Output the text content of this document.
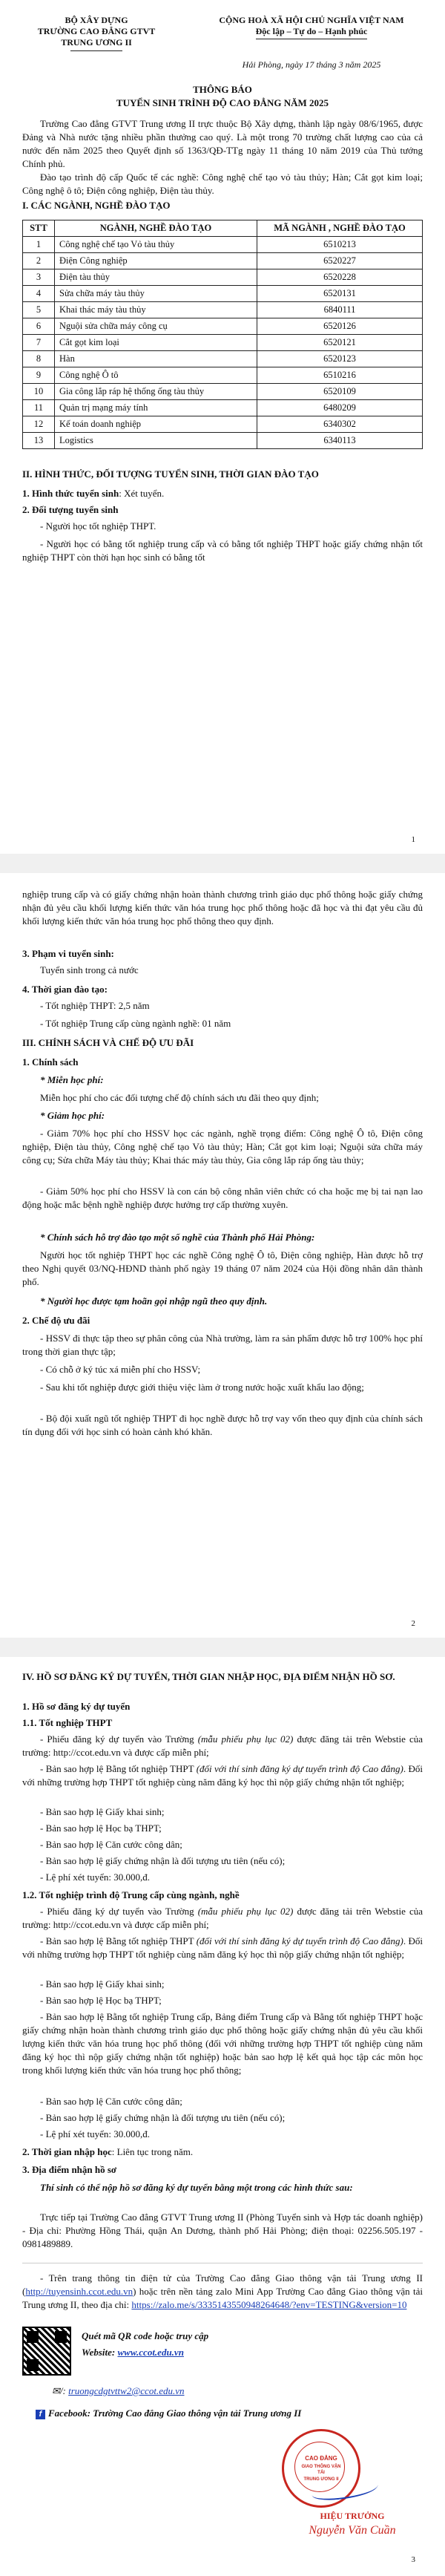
BỘ XÂY DỰNG

TRƯỜNG CAO ĐẲNG GTVT

TRUNG ƯƠNG II

CỘNG HOÀ XÃ HỘI CHỦ NGHĨA VIỆT NAM

Độc lập – Tự do – Hạnh phúc

Hải Phòng, ngày 17 tháng 3 năm 2025

THÔNG BÁO

TUYỂN SINH TRÌNH ĐỘ CAO ĐẲNG NĂM 2025

Trường Cao đẳng GTVT Trung ương II trực thuộc Bộ Xây dựng, thành lập ngày 08/6/1965, được Đảng và Nhà nước tặng nhiều phần thưởng cao quý. Là một trong 70 trường chất lượng cao của cả nước đến năm 2025 theo Quyết định số 1363/QĐ-TTg ngày 11 tháng 10 năm 2019 của Thủ tướng Chính phủ.

Đào tạo trình độ cấp Quốc tế các nghề: Công nghệ chế tạo vỏ tàu thủy; Hàn; Cắt gọt kim loại; Công nghệ ô tô; Điện công nghiệp, Điện tàu thủy.

I. CÁC NGÀNH, NGHỀ ĐÀO TẠO

STT	NGÀNH, NGHỀ ĐÀO TẠO	MÃ NGÀNH , NGHỀ ĐÀO TẠO
1	Công nghệ chế tạo Vỏ tàu thủy	6510213
2	Điện Công nghiệp	6520227
3	Điện tàu thủy	6520228
4	Sửa chữa máy tàu thủy	6520131
5	Khai thác máy tàu thủy	6840111
6	Nguội sửa chữa máy công cụ	6520126
7	Cắt gọt kim loại	6520121
8	Hàn	6520123
9	Công nghệ Ô tô	6510216
10	Gia công lắp ráp hệ thống ống tàu thủy	6520109
11	Quản trị mạng máy tính	6480209
12	Kế toán doanh nghiệp	6340302
13	Logistics	6340113

II. HÌNH THỨC, ĐỐI TƯỢNG TUYỂN SINH, THỜI GIAN ĐÀO TẠO

1. Hình thức tuyển sinh: Xét tuyển.

2. Đối tượng tuyển sinh

- Người học tốt nghiệp THPT.

- Người học có bằng tốt nghiệp trung cấp và có bằng tốt nghiệp THPT hoặc giấy chứng nhận tốt nghiệp THPT còn thời hạn học sinh có bằng tốt

1

nghiệp trung cấp và có giấy chứng nhận hoàn thành chương trình giáo dục phổ thông hoặc giấy chứng nhận đủ yêu cầu khối lượng kiến thức văn hóa trung học phổ thông hoặc đã học và thi đạt yêu cầu đủ khối lượng kiến thức văn hóa trung học phổ thông theo quy định.

3. Phạm vi tuyển sinh:

Tuyển sinh trong cả nước

4. Thời gian đào tạo:

- Tốt nghiệp THPT: 2,5 năm

- Tốt nghiệp Trung cấp cùng ngành nghề: 01 năm

III. CHÍNH SÁCH VÀ CHẾ ĐỘ ƯU ĐÃI

1. Chính sách

* Miễn học phí:

Miễn học phí cho các đối tượng chế độ chính sách ưu đãi theo quy định;

* Giảm học phí:

- Giảm 70% học phí cho HSSV học các ngành, nghề trọng điểm: Công nghệ Ô tô, Điện công nghiệp, Điện tàu thủy, Công nghệ chế tạo Vỏ tàu thủy; Hàn; Cắt gọt kim loại; Nguội sửa chữa máy công cụ; Sửa chữa Máy tàu thủy; Khai thác máy tàu thủy, Gia công lắp ráp ống tàu thủy;

- Giảm 50% học phí cho HSSV là con cán bộ công nhân viên chức có cha hoặc mẹ bị tai nạn lao động hoặc mắc bệnh nghề nghiệp được hưởng trợ cấp thường xuyên.

* Chính sách hỗ trợ đào tạo một số nghề của Thành phố Hải Phòng:

Người học tốt nghiệp THPT học các nghề Công nghệ Ô tô, Điện công nghiệp, Hàn được hỗ trợ theo Nghị quyết 03/NQ-HĐND thành phố ngày 19 tháng 07 năm 2024 của Hội đồng nhân dân thành phố.

* Người học được tạm hoãn gọi nhập ngũ theo quy định.

2. Chế độ ưu đãi

- HSSV đi thực tập theo sự phân công của Nhà trường, làm ra sản phẩm được hỗ trợ 100% học phí trong thời gian thực tập;

- Có chỗ ở ký túc xá miễn phí cho HSSV;

- Sau khi tốt nghiệp được giới thiệu việc làm ở trong nước hoặc xuất khẩu lao động;

- Bộ đội xuất ngũ tốt nghiệp THPT đi học nghề được hỗ trợ vay vốn theo quy định của chính sách tín dụng đối với học sinh có hoàn cảnh khó khăn.

2

IV. HỒ SƠ ĐĂNG KÝ DỰ TUYỂN, THỜI GIAN NHẬP HỌC, ĐỊA ĐIỂM NHẬN HỒ SƠ.

1. Hồ sơ đăng ký dự tuyển

1.1. Tốt nghiệp THPT

- Phiếu đăng ký dự tuyển vào Trường (mẫu phiếu phụ lục 02) được đăng tải trên Webstie của trường: http://ccot.edu.vn và được cấp miễn phí;

- Bản sao hợp lệ Bằng tốt nghiệp THPT (đối với thí sinh đăng ký dự tuyển trình độ Cao đẳng). Đối với những trường hợp THPT tốt nghiệp cùng năm đăng ký học thì nộp giấy chứng nhận tốt nghiệp;

- Bản sao hợp lệ Giấy khai sinh;

- Bản sao hợp lệ Học bạ THPT;

- Bản sao hợp lệ Căn cước công dân;

- Bản sao hợp lệ giấy chứng nhận là đối tượng ưu tiên (nếu có);

- Lệ phí xét tuyển: 30.000,đ.

1.2. Tốt nghiệp trình độ Trung cấp cùng ngành, nghề

- Phiếu đăng ký dự tuyển vào Trường (mẫu phiếu phụ lục 02) được đăng tải trên Webstie của trường: http://ccot.edu.vn và được cấp miễn phí;

- Bản sao hợp lệ Bằng tốt nghiệp THPT (đối với thí sinh đăng ký dự tuyển trình độ Cao đẳng). Đối với những trường hợp THPT tốt nghiệp cùng năm đăng ký học thì nộp giấy chứng nhận tốt nghiệp;

- Bản sao hợp lệ Giấy khai sinh;

- Bản sao hợp lệ Học bạ THPT;

- Bản sao hợp lệ Bằng tốt nghiệp Trung cấp, Bảng điểm Trung cấp và Bằng tốt nghiệp THPT hoặc giấy chứng nhận hoàn thành chương trình giáo dục phổ thông hoặc giấy chứng nhận đủ yêu cầu khối lượng kiến thức văn hóa trung học phổ thông (đối với những trường hợp THPT tốt nghiệp cùng năm đăng ký học thì nộp giấy chứng nhận tốt nghiệp) hoặc bản sao hợp lệ kết quả học tập các môn học trong khối lượng kiến thức văn hóa trung học phổ thông;

- Bản sao hợp lệ Căn cước công dân;

- Bản sao hợp lệ giấy chứng nhận là đối tượng ưu tiên (nếu có);

- Lệ phí xét tuyển: 30.000,đ.

2. Thời gian nhập học: Liên tục trong năm.

3. Địa điểm nhận hồ sơ

Thí sinh có thể nộp hồ sơ đăng ký dự tuyển bằng một trong các hình thức sau:

Trực tiếp tại Trường Cao đẳng GTVT Trung ương II (Phòng Tuyển sinh và Hợp tác doanh nghiệp) - Địa chỉ: Phường Hồng Thái, quận An Dương, thành phố Hải Phòng; điện thoại: 02256.505.197 - 0981489889.

- Trên trang thông tin điện tử của Trường Cao đẳng Giao thông vận tải Trung ương II (http://tuyensinh.ccot.edu.vn) hoặc trên nền tảng zalo Mini App Trường Cao đẳng Giao thông vận tải Trung ương II, theo địa chỉ: https://zalo.me/s/3335143550948264648/?env=TESTING&version=10

Quét mã QR code hoặc truy cập

Website: www.ccot.edu.vn

✉/: truongcdgtvttw2@ccot.edu.vn

f Facebook: Trường Cao đẳng Giao thông vận tải Trung ương II

CAO ĐẲNG
GIAO THÔNG VẬN TẢI
TRUNG ƯƠNG II

HIỆU TRƯỞNG

Nguyễn Văn Cuần

3
